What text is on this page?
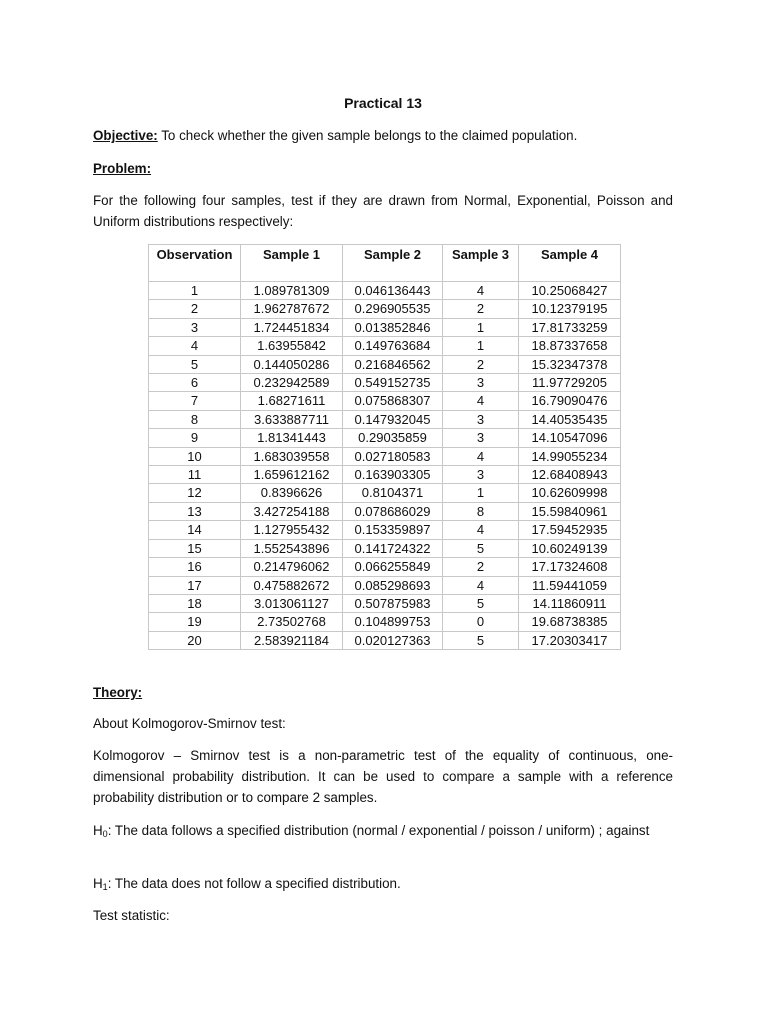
Practical 13
Objective: To check whether the given sample belongs to the claimed population.
Problem:
For the following four samples, test if they are drawn from Normal, Exponential, Poisson and Uniform distributions respectively:
Observation	Sample 1	Sample 2	Sample 3	Sample 4
1	1.089781309	0.046136443	4	10.25068427
2	1.962787672	0.296905535	2	10.12379195
3	1.724451834	0.013852846	1	17.81733259
4	1.63955842	0.149763684	1	18.87337658
5	0.144050286	0.216846562	2	15.32347378
6	0.232942589	0.549152735	3	11.97729205
7	1.68271611	0.075868307	4	16.79090476
8	3.633887711	0.147932045	3	14.40535435
9	1.81341443	0.29035859	3	14.10547096
10	1.683039558	0.027180583	4	14.99055234
11	1.659612162	0.163903305	3	12.68408943
12	0.8396626	0.8104371	1	10.62609998
13	3.427254188	0.078686029	8	15.59840961
14	1.127955432	0.153359897	4	17.59452935
15	1.552543896	0.141724322	5	10.60249139
16	0.214796062	0.066255849	2	17.17324608
17	0.475882672	0.085298693	4	11.59441059
18	3.013061127	0.507875983	5	14.11860911
19	2.73502768	0.104899753	0	19.68738385
20	2.583921184	0.020127363	5	17.20303417
Theory:
About Kolmogorov-Smirnov test:
Kolmogorov – Smirnov test is a non-parametric test of the equality of continuous, one-dimensional probability distribution. It can be used to compare a sample with a reference probability distribution or to compare 2 samples.
$H_0$: The data follows a specified distribution (normal / exponential / poisson / uniform) ; against
$H_1$: The data does not follow a specified distribution.
Test statistic:
